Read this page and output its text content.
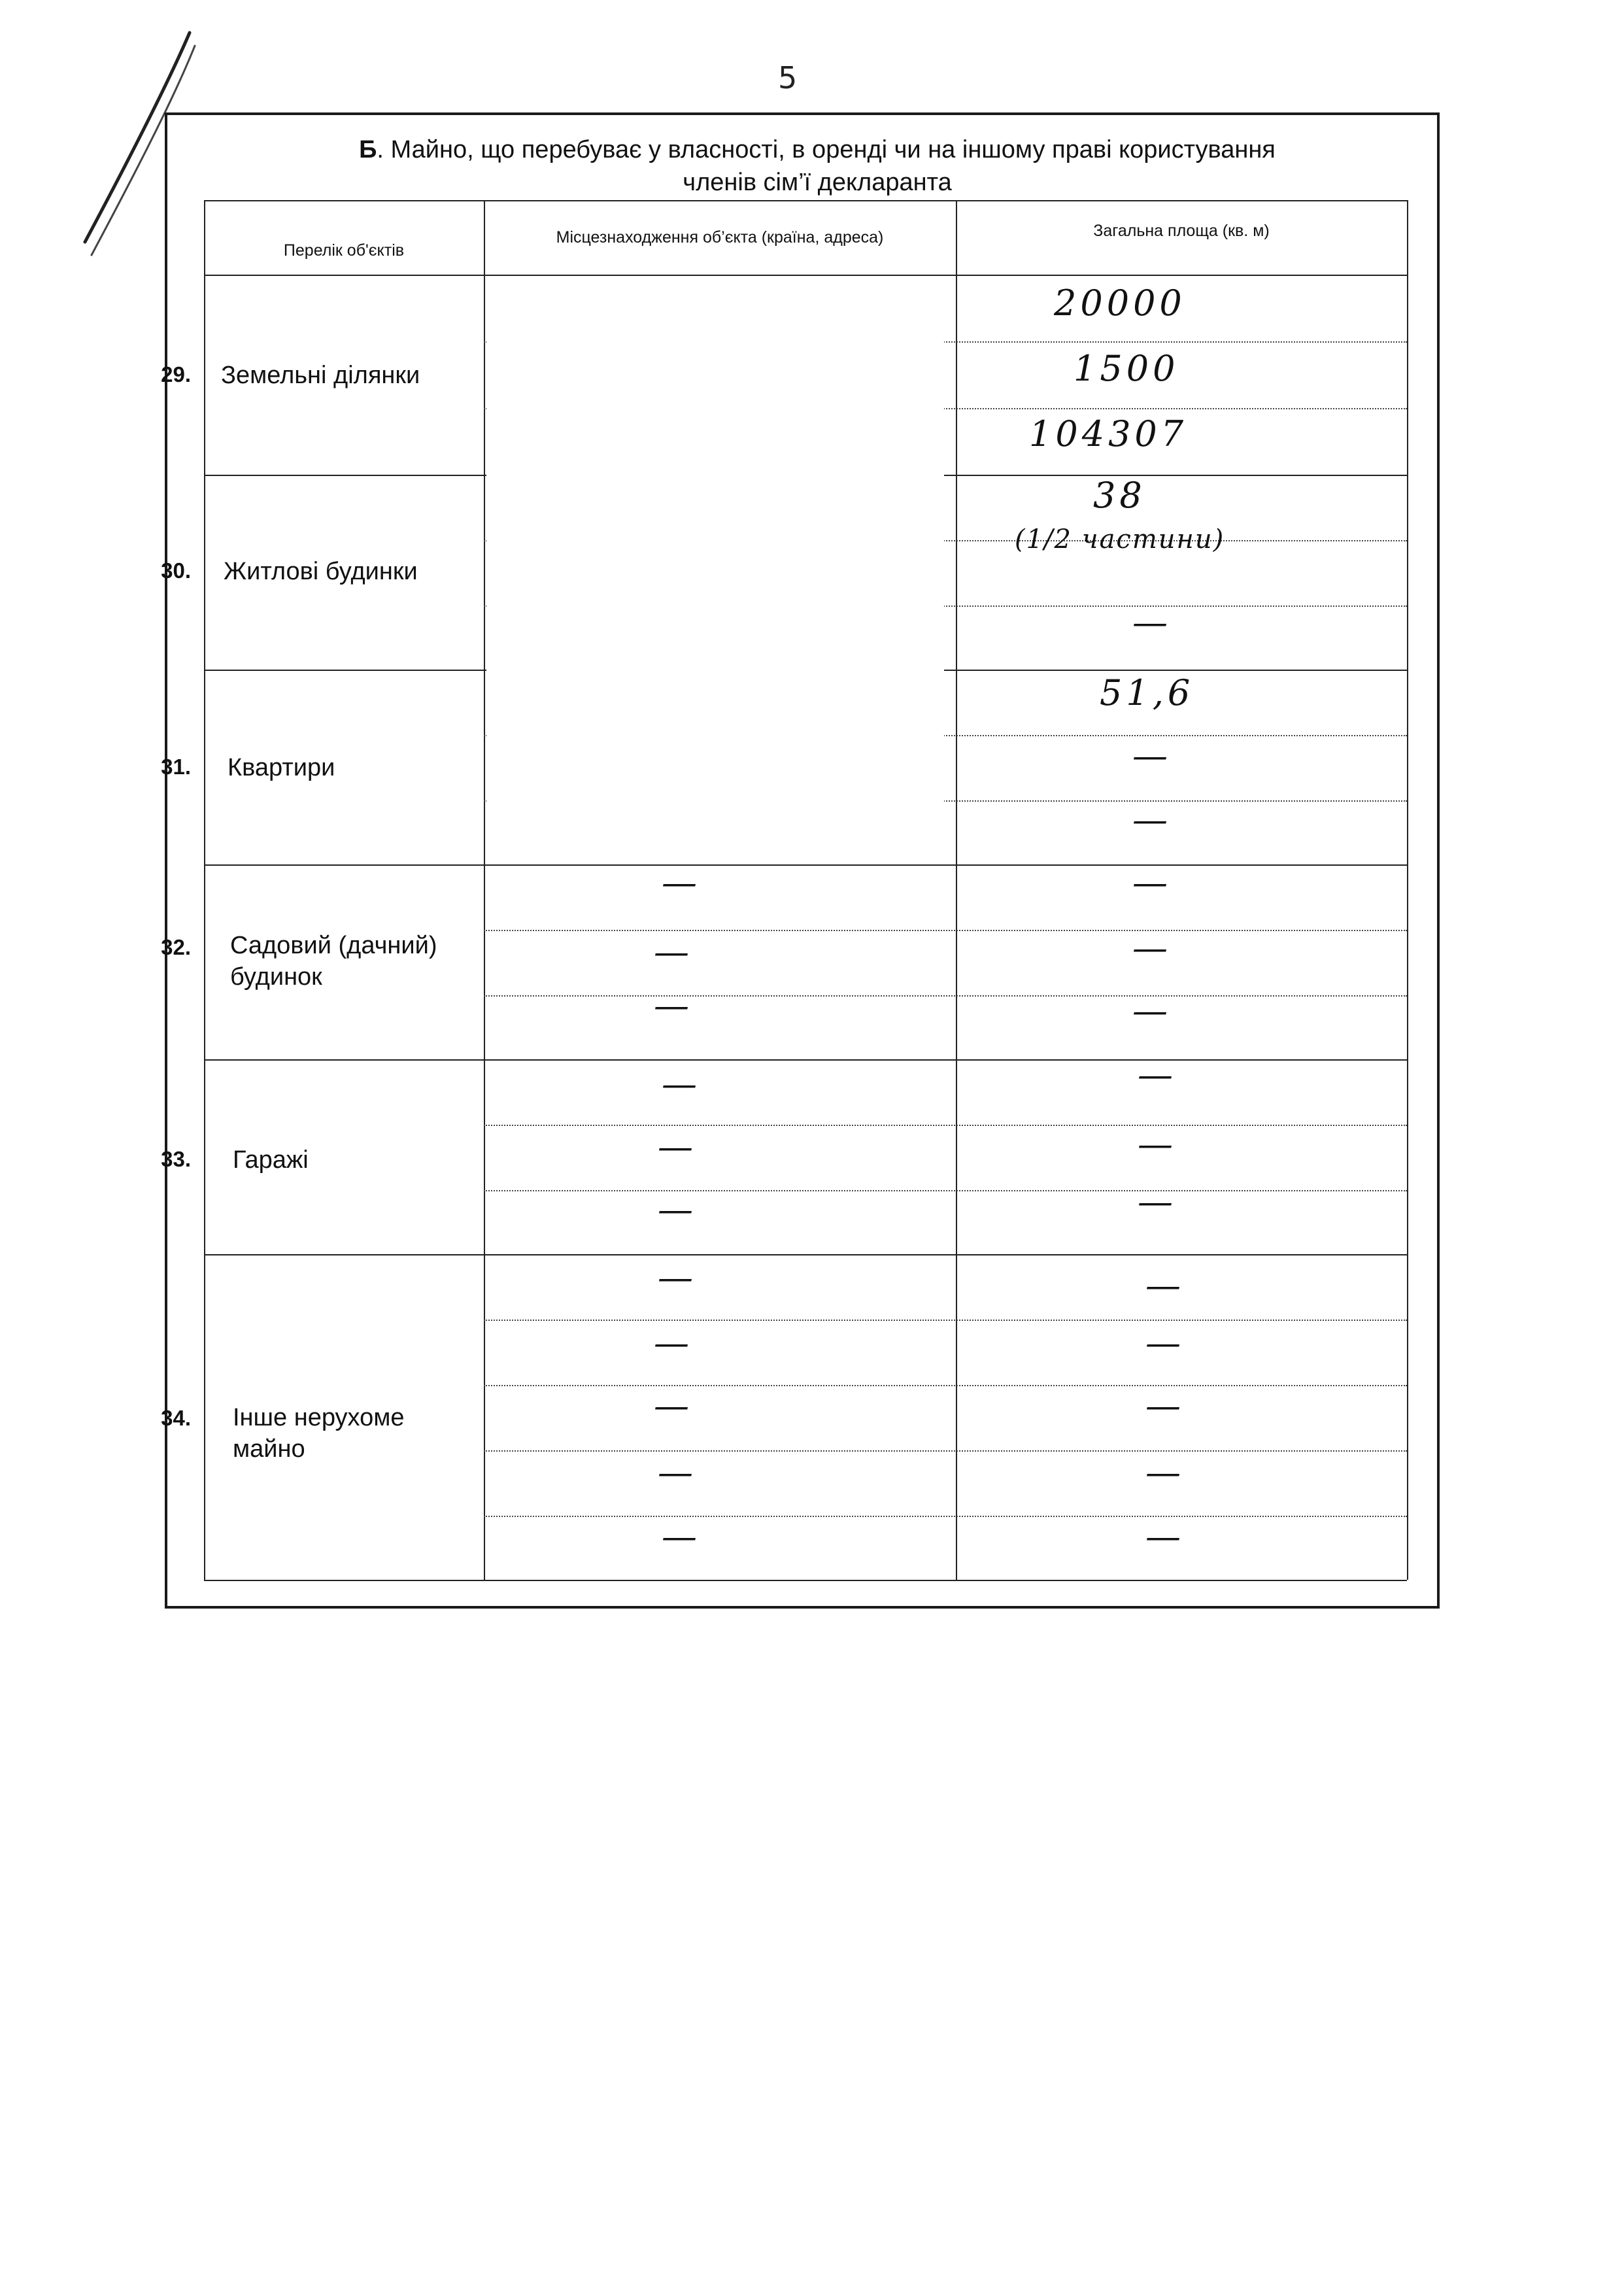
5
Б. Майно, що перебуває у власності, в оренді чи на іншому праві користування
членів сім’ї декларанта
Перелік об'єктів
Місцезнаходження об’єкта (країна, адреса)	Загальна площа (кв. м)
29. Земельні ділянки
30. Житлові будинки
31. Квартири
32. Садовий (дачний) будинок
33. Гаражі
34. Інше нерухоме майно
20000
1500
104307
38
(1/2 частини)
—
51,6
—
—
—
—
—
—
—
—
—
—
—
—
—
—
—
—
—
—
—
—
—
—
—
—
